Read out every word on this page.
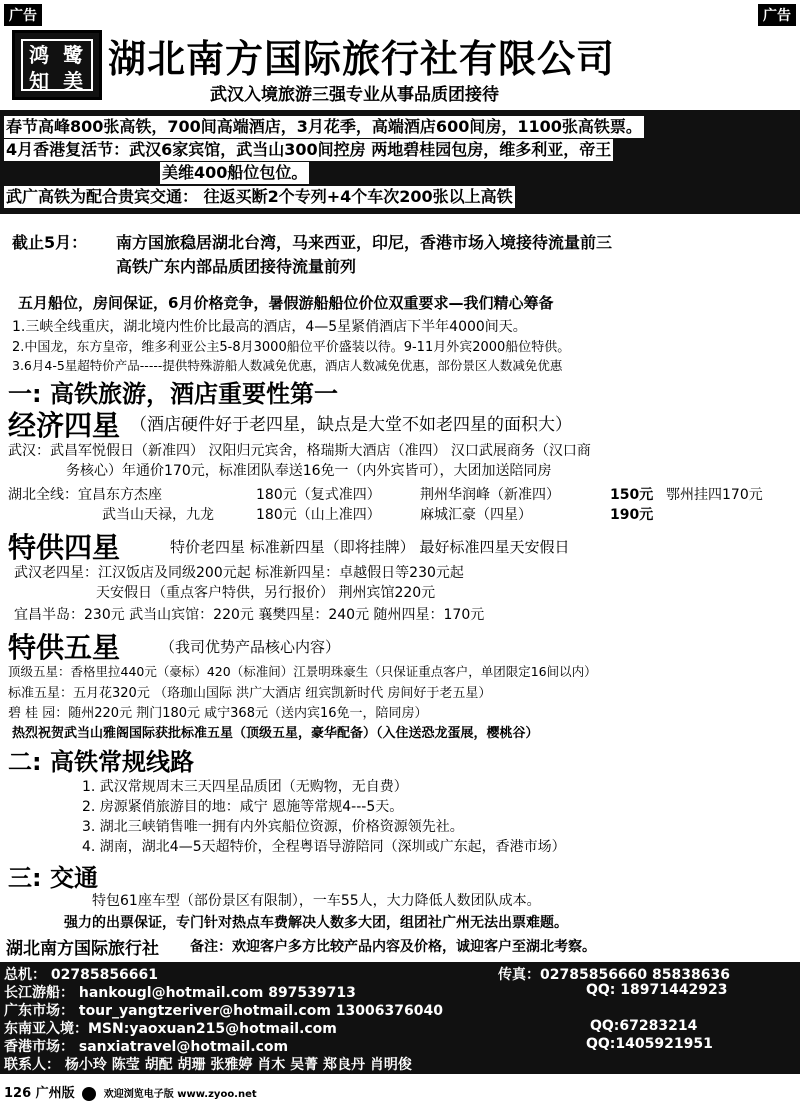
广告	广告
鸿 鹭
知 美 湖北南方国际旅行社有限公司
武汉入境旅游三强专业从事品质团接待
春节高峰800张高铁，700间高端酒店，3月花季，高端酒店600间房，1100张高铁票。
4月香港复活节：武汉6家宾馆，武当山300间控房 两地碧桂园包房，维多利亚，帝王
美维400船位包位。
武广高铁为配合贵宾交通： 往返买断2个专列+4个车次200张以上高铁
截止5月： 南方国旅稳居湖北台湾，马来西亚，印尼，香港市场入境接待流量前三
高铁广东内部品质团接待流量前列
五月船位，房间保证，6月价格竞争，暑假游船船位价位双重要求—我们精心筹备
1.三峡全线重庆，湖北境内性价比最高的酒店，4—5星紧俏酒店下半年4000间天。
2.中国龙，东方皇帝，维多利亚公主5-8月3000船位平价盛装以待。9-11月外宾2000船位特供。
3.6月4-5星超特价产品-----提供特殊游船人数减免优惠，酒店人数减免优惠，部份景区人数减免优惠
一: 高铁旅游，酒店重要性第一
经济四星 （酒店硬件好于老四星，缺点是大堂不如老四星的面积大）
武汉：武昌军悦假日（新准四） 汉阳归元宾舍，格瑞斯大酒店（准四） 汉口武展商务（汉口商
务核心）年通价170元，标准团队奉送16免一（内外宾皆可），大团加送陪同房
湖北全线：宜昌东方杰座	180元（复式准四）	荆州华润峰（新准四）	150元 鄂州挂四170元
武当山天禄，九龙	180元（山上准四）	麻城汇豪（四星）	190元
特供四星	特价老四星 标准新四星（即将挂牌） 最好标准四星天安假日
武汉老四星：江汉饭店及同级200元起 标准新四星：卓越假日等230元起
天安假日（重点客户特供，另行报价） 荆州宾馆220元
宜昌半岛：230元 武当山宾馆：220元 襄樊四星：240元 随州四星：170元
特供五星	（我司优势产品核心内容）
顶级五星：香格里拉440元（豪标）420（标准间）江景明珠豪生（只保证重点客户，单团限定16间以内）
标准五星：五月花320元 （珞珈山国际 洪广大酒店 纽宾凯新时代 房间好于老五星）
碧 桂 园：随州220元 荆门180元 咸宁368元（送内宾16免一，陪同房）
热烈祝贺武当山雅阁国际获批标准五星（顶级五星，豪华配备）（入住送恐龙蛋展，樱桃谷）
二: 高铁常规线路
1. 武汉常规周末三天四星品质团（无购物，无自费）
2. 房源紧俏旅游目的地：咸宁 恩施等常规4---5天。
3. 湖北三峡销售唯一拥有内外宾船位资源，价格资源领先社。
4. 湖南，湖北4—5天超特价，全程粤语导游陪同（深圳或广东起，香港市场）
三: 交通
特包61座车型（部份景区有限制），一车55人，大力降低人数团队成本。
强力的出票保证，专门针对热点车费解决人数多大团，组团社广州无法出票难题。
湖北南方国际旅行社 备注：欢迎客户多方比较产品内容及价格，诚迎客户至湖北考察。
总机： 02785856661	传真：02785856660 85838636
长江游船： hankougl@hotmail.com 897539713	QQ: 18971442923
广东市场： tour_yangtzeriver@hotmail.com 13006376040
东南亚入境：MSN:yaoxuan215@hotmail.com	QQ:67283214
香港市场： sanxiatravel@hotmail.com	QQ:1405921951
联系人： 杨小玲 陈莹 胡配 胡珊 张雅婷 肖木 吴菁 郑良丹 肖明俊
126 广州版	欢迎浏览电子版 www.zyoo.net
